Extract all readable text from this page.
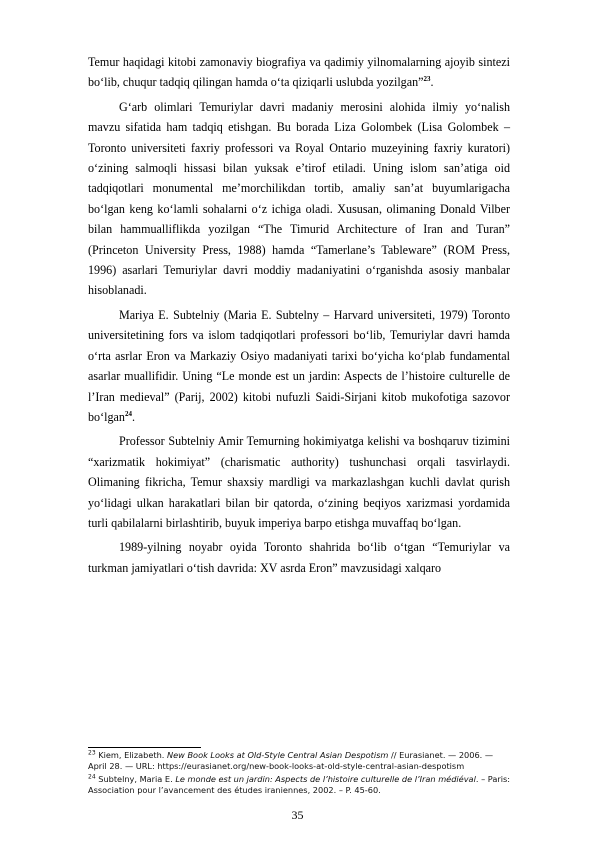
Temur haqidagi kitobi zamonaviy biografiya va qadimiy yilnomalarning ajoyib sintezi bo‘lib, chuqur tadqiq qilingan hamda o‘ta qiziqarli uslubda yozilgan”$^{23}$.

G‘arb olimlari Temuriylar davri madaniy merosini alohida ilmiy yo‘nalish mavzu sifatida ham tadqiq etishgan. Bu borada Liza Golombek (Lisa Golombek – Toronto universiteti faxriy professori va Royal Ontario muzeyining faxriy kuratori) o‘zining salmoqli hissasi bilan yuksak e’tirof etiladi. Uning islom san’atiga oid tadqiqotlari monumental me’morchilikdan tortib, amaliy san’at buyumlarigacha bo‘lgan keng ko‘lamli sohalarni o‘z ichiga oladi. Xususan, olimaning Donald Vilber bilan hammualliflikda yozilgan “The Timurid Architecture of Iran and Turan” (Princeton University Press, 1988) hamda “Tamerlane’s Tableware” (ROM Press, 1996) asarlari Temuriylar davri moddiy madaniyatini o‘rganishda asosiy manbalar hisoblanadi.

Mariya E. Subtelniy (Maria E. Subtelny – Harvard universiteti, 1979) Toronto universitetining fors va islom tadqiqotlari professori bo‘lib, Temuriylar davri hamda o‘rta asrlar Eron va Markaziy Osiyo madaniyati tarixi bo‘yicha ko‘plab fundamental asarlar muallifidir. Uning “Le monde est un jardin: Aspects de l’histoire culturelle de l’Iran medieval” (Parij, 2002) kitobi nufuzli Saidi-Sirjani kitob mukofotiga sazovor bo‘lgan$^{24}$.

Professor Subtelniy Amir Temurning hokimiyatga kelishi va boshqaruv tizimini “xarizmatik hokimiyat” (charismatic authority) tushunchasi orqali tasvirlaydi. Olimaning fikricha, Temur shaxsiy mardligi va markazlashgan kuchli davlat qurish yo‘lidagi ulkan harakatlari bilan bir qatorda, o‘zining beqiyos xarizmasi yordamida turli qabilalarni birlashtirib, buyuk imperiya barpo etishga muvaffaq bo‘lgan.

1989-yilning noyabr oyida Toronto shahrida bo‘lib o‘tgan “Temuriylar va turkman jamiyatlari o‘tish davrida: XV asrda Eron” mavzusidagi xalqaro

$^{23}$ Kiem, Elizabeth. New Book Looks at Old-Style Central Asian Despotism // Eurasianet. — 2006. — April 28. — URL: https://eurasianet.org/new-book-looks-at-old-style-central-asian-despotism

$^{24}$ Subtelny, Maria E. Le monde est un jardin: Aspects de l’histoire culturelle de l’Iran médiéval. – Paris: Association pour l’avancement des études iraniennes, 2002. – P. 45-60.

35
